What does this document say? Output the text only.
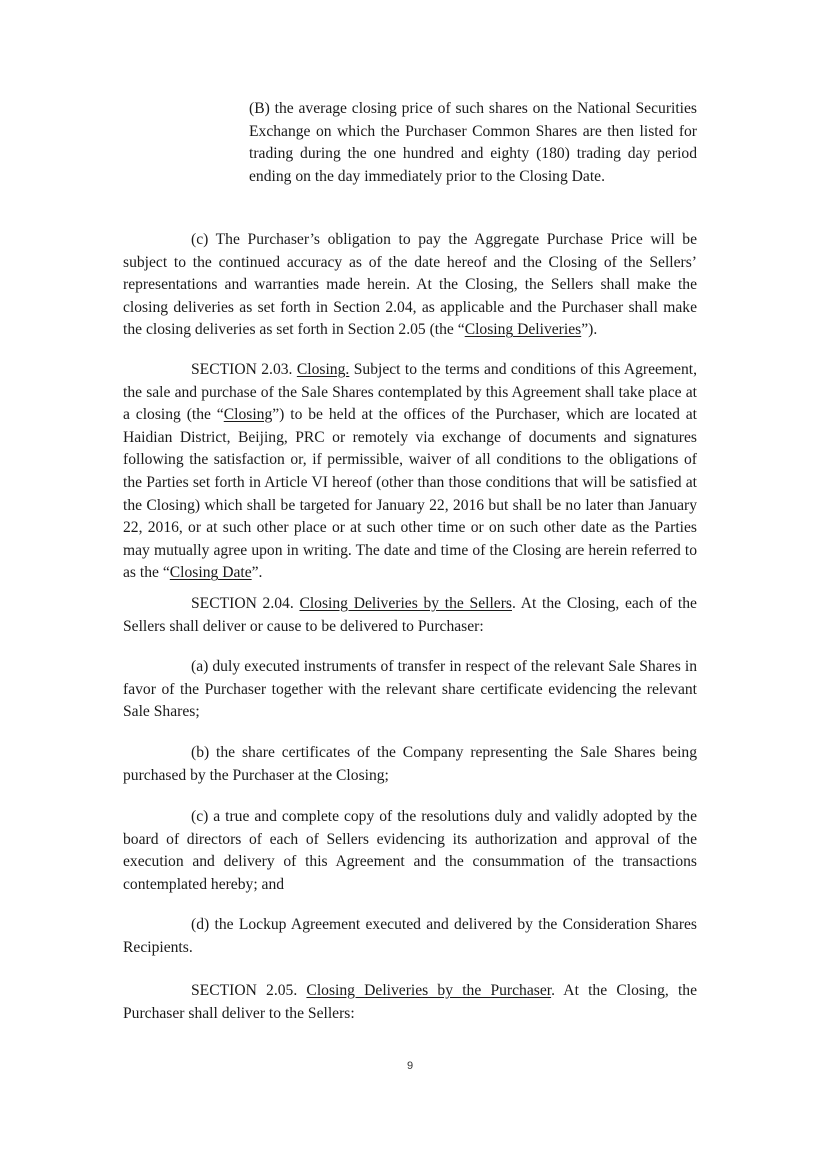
(B) the average closing price of such shares on the National Securities Exchange on which the Purchaser Common Shares are then listed for trading during the one hundred and eighty (180) trading day period ending on the day immediately prior to the Closing Date.

(c) The Purchaser’s obligation to pay the Aggregate Purchase Price will be subject to the continued accuracy as of the date hereof and the Closing of the Sellers’ representations and warranties made herein. At the Closing, the Sellers shall make the closing deliveries as set forth in Section 2.04, as applicable and the Purchaser shall make the closing deliveries as set forth in Section 2.05 (the “Closing Deliveries”).

SECTION 2.03. Closing. Subject to the terms and conditions of this Agreement, the sale and purchase of the Sale Shares contemplated by this Agreement shall take place at a closing (the “Closing”) to be held at the offices of the Purchaser, which are located at Haidian District, Beijing, PRC or remotely via exchange of documents and signatures following the satisfaction or, if permissible, waiver of all conditions to the obligations of the Parties set forth in Article VI hereof (other than those conditions that will be satisfied at the Closing) which shall be targeted for January 22, 2016 but shall be no later than January 22, 2016, or at such other place or at such other time or on such other date as the Parties may mutually agree upon in writing. The date and time of the Closing are herein referred to as the “Closing Date”.

SECTION 2.04. Closing Deliveries by the Sellers. At the Closing, each of the Sellers shall deliver or cause to be delivered to Purchaser:

(a) duly executed instruments of transfer in respect of the relevant Sale Shares in favor of the Purchaser together with the relevant share certificate evidencing the relevant Sale Shares;

(b) the share certificates of the Company representing the Sale Shares being purchased by the Purchaser at the Closing;

(c) a true and complete copy of the resolutions duly and validly adopted by the board of directors of each of Sellers evidencing its authorization and approval of the execution and delivery of this Agreement and the consummation of the transactions contemplated hereby; and

(d) the Lockup Agreement executed and delivered by the Consideration Shares Recipients.

SECTION 2.05. Closing Deliveries by the Purchaser. At the Closing, the Purchaser shall deliver to the Sellers:

9
